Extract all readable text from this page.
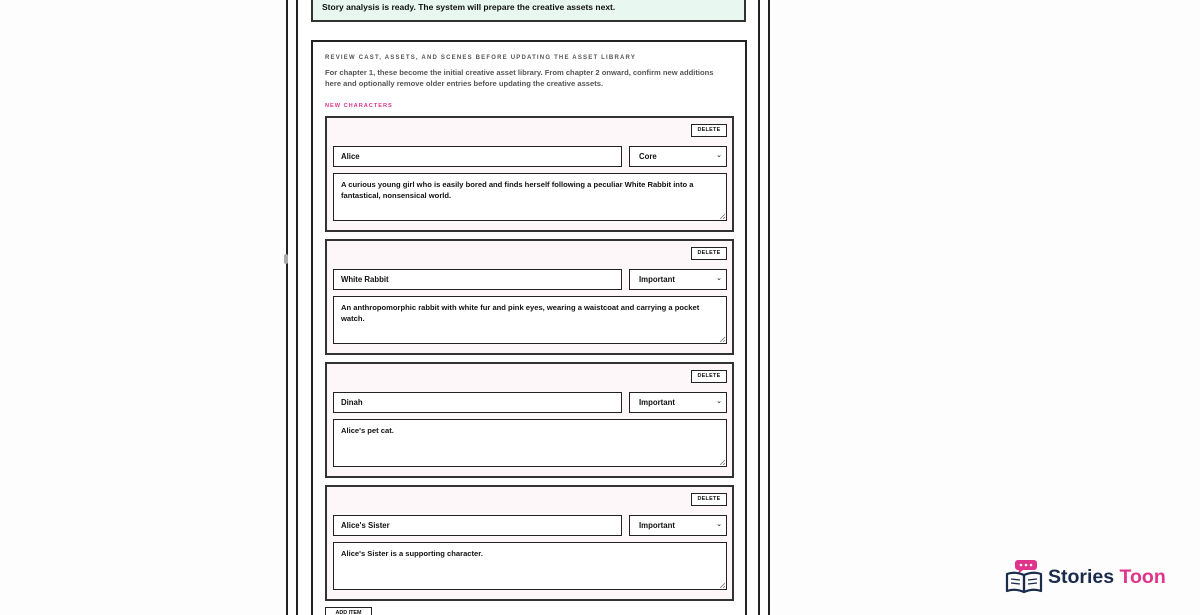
Story analysis is ready. The system will prepare the creative assets next.
REVIEW CAST, ASSETS, AND SCENES BEFORE UPDATING THE ASSET LIBRARY
For chapter 1, these become the initial creative asset library. From chapter 2 onward, confirm new additions here and optionally remove older entries before updating the creative assets.
NEW CHARACTERS
DELETE
Alice	Core	⌄
A curious young girl who is easily bored and finds herself following a peculiar White Rabbit into a fantastical, nonsensical world.
DELETE
White Rabbit	Important	⌄
An anthropomorphic rabbit with white fur and pink eyes, wearing a waistcoat and carrying a pocket watch.
DELETE
Dinah	Important	⌄
Alice's pet cat.
DELETE
Alice's Sister	Important	⌄
Alice's Sister is a supporting character.
ADD ITEM
Stories Toon
